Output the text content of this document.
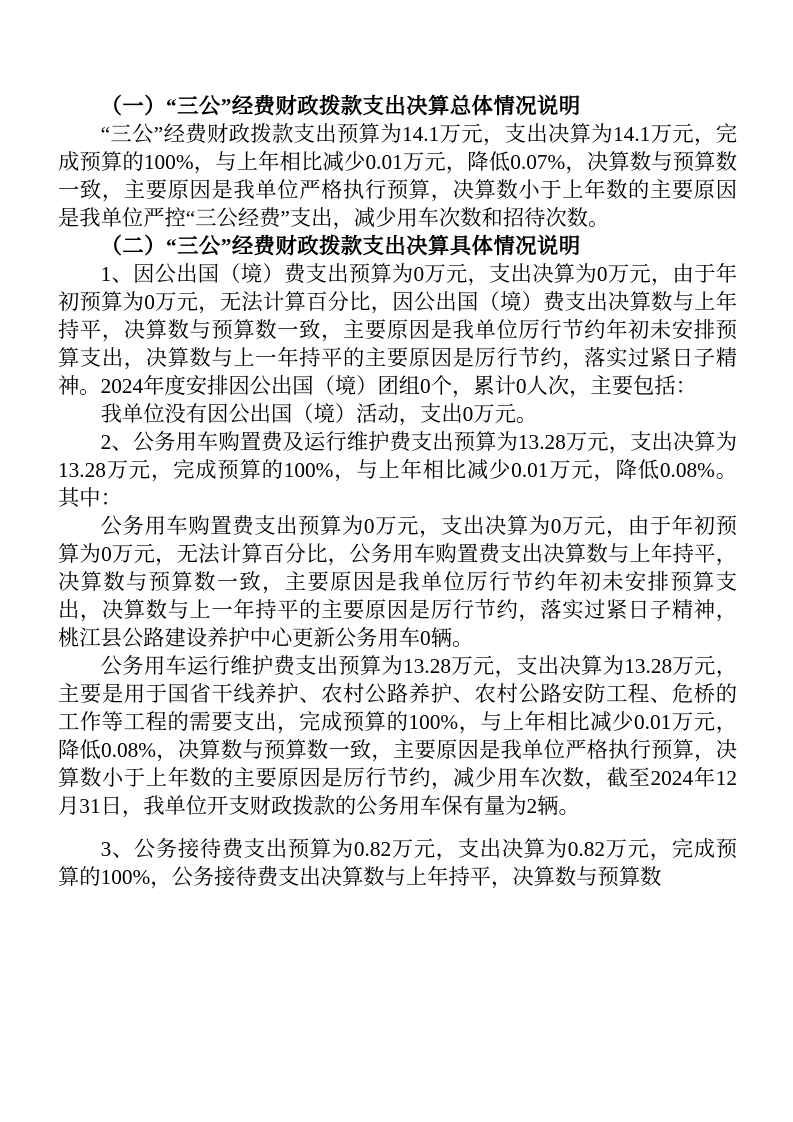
（一）“三公”经费财政拨款支出决算总体情况说明

“三公”经费财政拨款支出预算为14.1万元，支出决算为14.1万元，完成预算的100%，与上年相比减少0.01万元，降低0.07%，决算数与预算数一致，主要原因是我单位严格执行预算，决算数小于上年数的主要原因是我单位严控“三公经费”支出，减少用车次数和招待次数。

（二）“三公”经费财政拨款支出决算具体情况说明

1、因公出国（境）费支出预算为0万元，支出决算为0万元，由于年初预算为0万元，无法计算百分比，因公出国（境）费支出决算数与上年持平，决算数与预算数一致，主要原因是我单位厉行节约年初未安排预算支出，决算数与上一年持平的主要原因是厉行节约，落实过紧日子精神。2024年度安排因公出国（境）团组0个，累计0人次，主要包括：

我单位没有因公出国（境）活动，支出0万元。

2、公务用车购置费及运行维护费支出预算为13.28万元，支出决算为13.28万元，完成预算的100%，与上年相比减少0.01万元，降低0.08%。其中：

公务用车购置费支出预算为0万元，支出决算为0万元，由于年初预算为0万元，无法计算百分比，公务用车购置费支出决算数与上年持平，决算数与预算数一致，主要原因是我单位厉行节约年初未安排预算支出，决算数与上一年持平的主要原因是厉行节约，落实过紧日子精神，桃江县公路建设养护中心更新公务用车0辆。

公务用车运行维护费支出预算为13.28万元，支出决算为13.28万元，主要是用于国省干线养护、农村公路养护、农村公路安防工程、危桥的工作等工程的需要支出，完成预算的100%，与上年相比减少0.01万元，降低0.08%，决算数与预算数一致，主要原因是我单位严格执行预算，决算数小于上年数的主要原因是厉行节约，减少用车次数，截至2024年12月31日，我单位开支财政拨款的公务用车保有量为2辆。

3、公务接待费支出预算为0.82万元，支出决算为0.82万元，完成预算的100%，公务接待费支出决算数与上年持平，决算数与预算数
